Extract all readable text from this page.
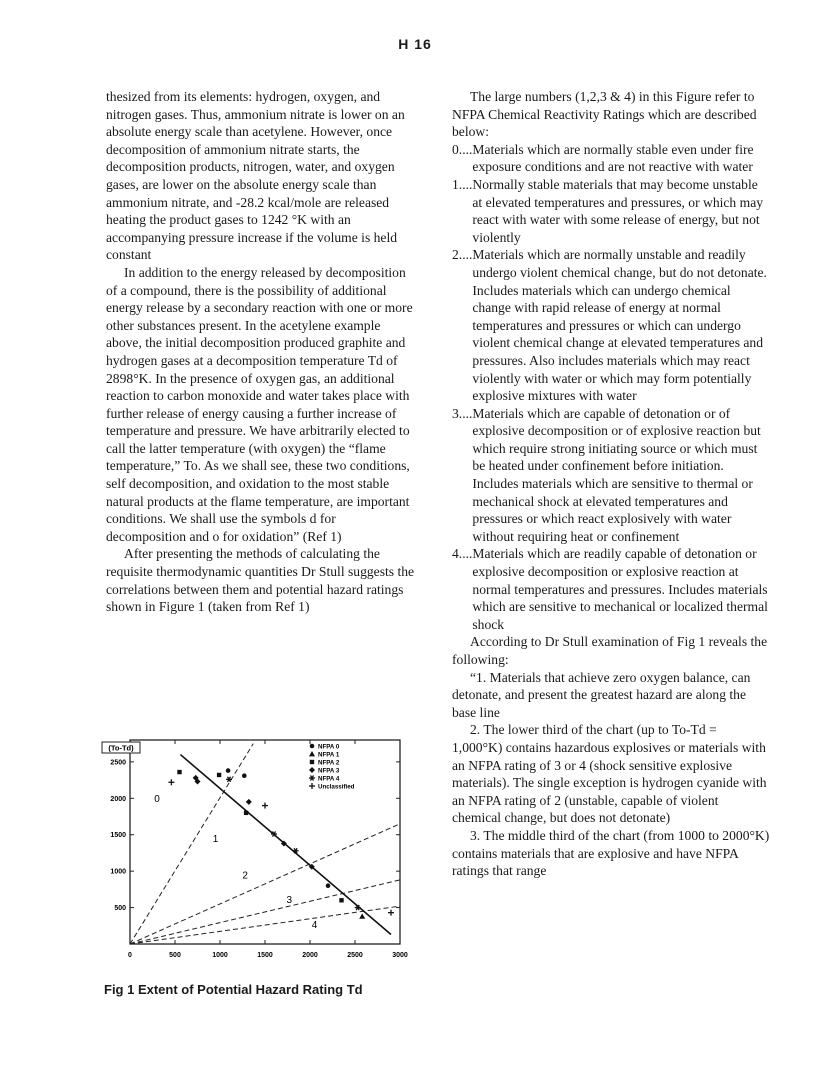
H 16

thesized from its elements: hydrogen, oxygen, and nitrogen gases. Thus, ammonium nitrate is lower on an absolute energy scale than acetylene. However, once decomposition of ammonium nitrate starts, the decomposition products, nitrogen, water, and oxygen gases, are lower on the absolute energy scale than ammonium nitrate, and -28.2 kcal/mole are released heating the product gases to 1242 °K with an accompanying pressure increase if the volume is held constant

In addition to the energy released by decomposition of a compound, there is the possibility of additional energy release by a secondary reaction with one or more other substances present. In the acetylene example above, the initial decomposition produced graphite and hydrogen gases at a decomposition temperature Td of 2898°K. In the presence of oxygen gas, an additional reaction to carbon monoxide and water takes place with further release of energy causing a further increase of temperature and pressure. We have arbitrarily elected to call the latter temperature (with oxygen) the “flame temperature,” To. As we shall see, these two conditions, self decomposition, and oxidation to the most stable natural products at the flame temperature, are important conditions. We shall use the symbols d for decomposition and o for oxidation” (Ref 1)

After presenting the methods of calculating the requisite thermodynamic quantities Dr Stull suggests the correlations between them and potential hazard ratings shown in Figure 1 (taken from Ref 1)

0	500	1000	1500	2000	2500	3000
500
1000
1500
2000
2500
(To-Td)
0
1
2
3
4
NFPA 0
NFPA 1
NFPA 2
NFPA 3
NFPA 4
Unclassified
Fig 1 Extent of Potential Hazard Rating Td

The large numbers (1,2,3 & 4) in this Figure refer to NFPA Chemical Reactivity Ratings which are described below:

0.... Materials which are normally stable even under fire exposure conditions and are not reactive with water
1.... Normally stable materials that may become unstable at elevated temperatures and pressures, or which may react with water with some release of energy, but not violently
2.... Materials which are normally unstable and readily undergo violent chemical change, but do not detonate. Includes materials which can undergo chemical change with rapid release of energy at normal temperatures and pressures or which can undergo violent chemical change at elevated temperatures and pressures. Also includes materials which may react violently with water or which may form potentially explosive mixtures with water
3.... Materials which are capable of detonation or of explosive decomposition or of explosive reaction but which require strong initiating source or which must be heated under confinement before initiation. Includes materials which are sensitive to thermal or mechanical shock at elevated temperatures and pressures or which react explosively with water without requiring heat or confinement
4.... Materials which are readily capable of detonation or explosive decomposition or explosive reaction at normal temperatures and pressures. Includes materials which are sensitive to mechanical or localized thermal shock

According to Dr Stull examination of Fig 1 reveals the following:

“1. Materials that achieve zero oxygen balance, can detonate, and present the greatest hazard are along the base line

2. The lower third of the chart (up to To-Td = 1,000°K) contains hazardous explosives or materials with an NFPA rating of 3 or 4 (shock sensitive explosive materials). The single exception is hydrogen cyanide with an NFPA rating of 2 (unstable, capable of violent chemical change, but does not detonate)

3. The middle third of the chart (from 1000 to 2000°K) contains materials that are explosive and have NFPA ratings that range
